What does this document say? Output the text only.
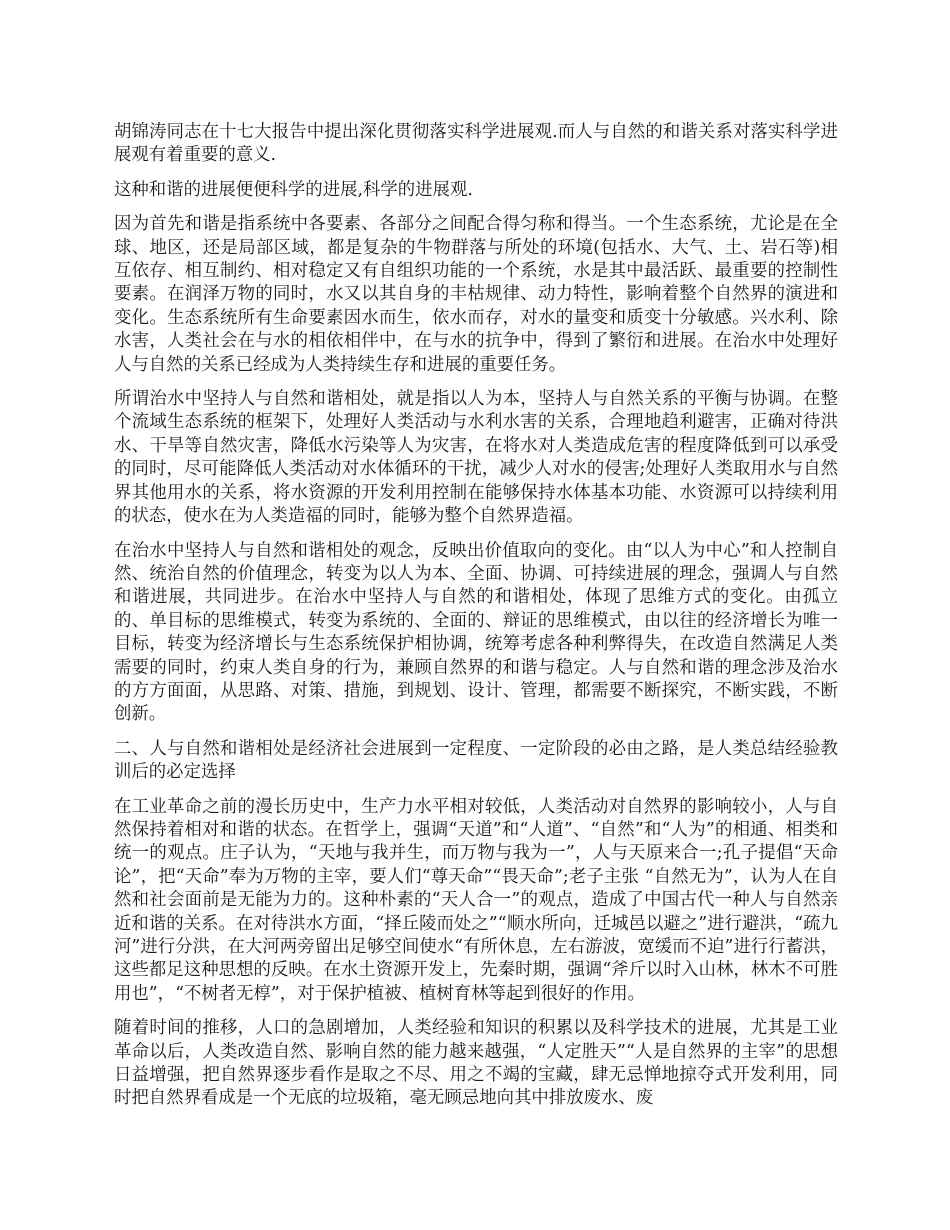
胡锦涛同志在十七大报告中提出深化贯彻落实科学进展观.而人与自然的和谐关系对落实科学进展观有着重要的意义.

这种和谐的进展便便科学的进展,科学的进展观.

因为首先和谐是指系统中各要素、各部分之间配合得匀称和得当。一个生态系统，尤论是在全球、地区，还是局部区域，都是复杂的牛物群落与所处的环境(包括水、大气、土、岩石等)相互依存、相互制约、相对稳定又有自组织功能的一个系统，水是其中最活跃、最重要的控制性要素。在润泽万物的同时，水又以其自身的丰枯规律、动力特性，影响着整个自然界的演进和变化。生态系统所有生命要素因水而生，依水而存，对水的量变和质变十分敏感。兴水利、除水害，人类社会在与水的相依相伴中，在与水的抗争中，得到了繁衍和进展。在治水中处理好人与自然的关系已经成为人类持续生存和进展的重要任务。

所谓治水中坚持人与自然和谐相处，就是指以人为本，坚持人与自然关系的平衡与协调。在整个流域生态系统的框架下，处理好人类活动与水利水害的关系，合理地趋利避害，正确对待洪水、干旱等自然灾害，降低水污染等人为灾害，在将水对人类造成危害的程度降低到可以承受的同时，尽可能降低人类活动对水体循环的干扰，减少人对水的侵害;处理好人类取用水与自然界其他用水的关系，将水资源的开发利用控制在能够保持水体基本功能、水资源可以持续利用的状态，使水在为人类造福的同时，能够为整个自然界造福。

在治水中坚持人与自然和谐相处的观念，反映出价值取向的变化。由“以人为中心”和人控制自然、统治自然的价值理念，转变为以人为本、全面、协调、可持续进展的理念，强调人与自然和谐进展，共同进步。在治水中坚持人与自然的和谐相处，体现了思维方式的变化。由孤立的、单目标的思维模式，转变为系统的、全面的、辩证的思维模式，由以往的经济增长为唯一目标，转变为经济增长与生态系统保护相协调，统筹考虑各种利弊得失，在改造自然满足人类需要的同时，约束人类自身的行为，兼顾自然界的和谐与稳定。人与自然和谐的理念涉及治水的方方面面，从思路、对策、措施，到规划、设计、管理，都需要不断探究，不断实践，不断创新。

二、人与自然和谐相处是经济社会进展到一定程度、一定阶段的必由之路，是人类总结经验教训后的必定选择

在工业革命之前的漫长历史中，生产力水平相对较低，人类活动对自然界的影响较小，人与自然保持着相对和谐的状态。在哲学上，强调“天道”和“人道”、“自然”和“人为”的相通、相类和统一的观点。庄子认为，“天地与我并生，而万物与我为一”，人与天原来合一;孔子提倡“天命论”，把“天命”奉为万物的主宰，要人们“尊天命”“畏天命”;老子主张 “自然无为”，认为人在自然和社会面前是无能为力的。这种朴素的“天人合一”的观点，造成了中国古代一种人与自然亲近和谐的关系。在对待洪水方面，“择丘陵而处之”“顺水所向，迁城邑以避之”进行避洪，“疏九河”进行分洪，在大河两旁留出足够空间使水“有所休息，左右游波，宽缓而不迫”进行行蓄洪，这些都足这种思想的反映。在水土资源开发上，先秦时期，强调“斧斤以时入山林，林木不可胜用也”，“不树者无椁”，对于保护植被、植树育林等起到很好的作用。

随着时间的推移，人口的急剧增加，人类经验和知识的积累以及科学技术的进展，尤其是工业革命以后，人类改造自然、影响自然的能力越来越强，“人定胜天”“人是自然界的主宰”的思想日益增强，把自然界逐步看作是取之不尽、用之不竭的宝藏，肆无忌惮地掠夺式开发利用，同时把自然界看成是一个无底的垃圾箱，毫无顾忌地向其中排放废水、废
